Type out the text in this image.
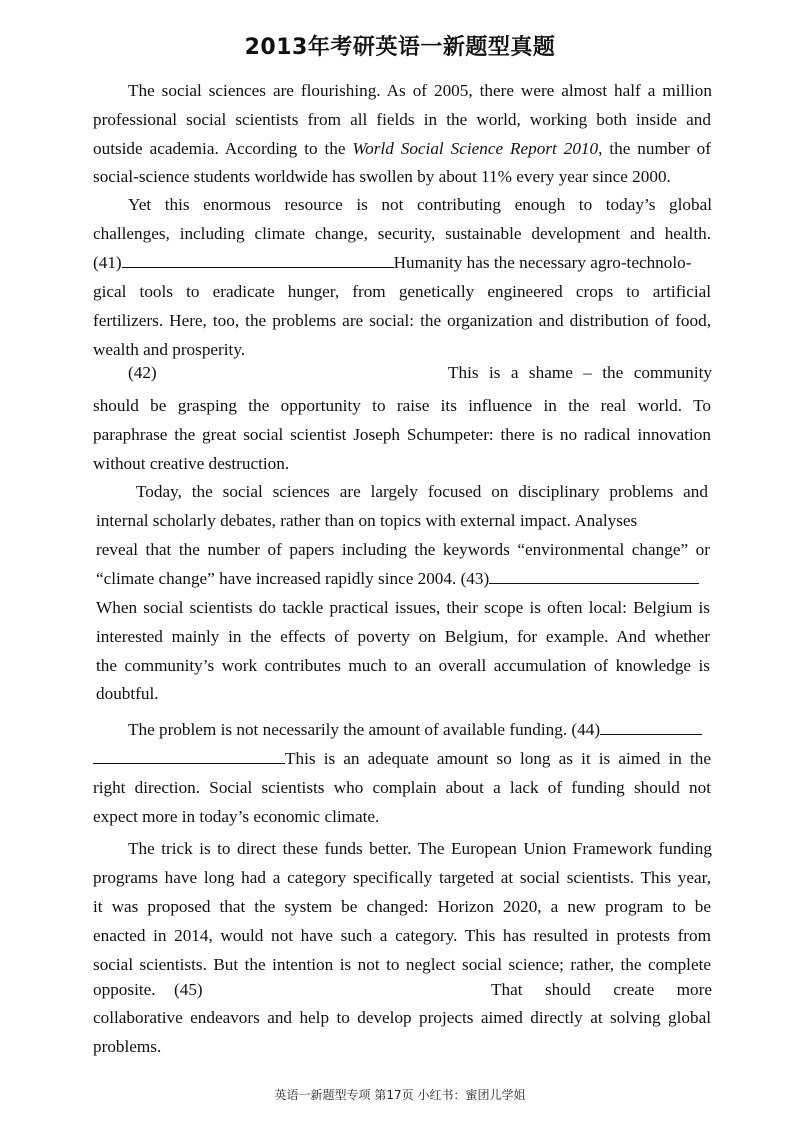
2013年考研英语一新题型真题
The social sciences are flourishing. As of 2005, there were almost half a million
professional social scientists from all fields in the world, working both inside and
outside academia. According to the World Social Science Report 2010, the number of
social-science students worldwide has swollen by about 11% every year since 2000.
Yet this enormous resource is not contributing enough to today’s global
challenges, including climate change, security, sustainable development and health.
(41)	Humanity has the necessary agro-technolo-
gical tools to eradicate hunger, from genetically engineered crops to artificial
fertilizers. Here, too, the problems are social: the organization and distribution of food,
wealth and prosperity.
(42)	This is a shame – the community
should be grasping the opportunity to raise its influence in the real world. To
paraphrase the great social scientist Joseph Schumpeter: there is no radical innovation
without creative destruction.
Today, the social sciences are largely focused on disciplinary problems and
internal scholarly debates, rather than on topics with external impact. Analyses
reveal that the number of papers including the keywords “environmental change” or
“climate change” have increased rapidly since 2004. (43)
When social scientists do tackle practical issues, their scope is often local: Belgium is
interested mainly in the effects of poverty on Belgium, for example. And whether
the community’s work contributes much to an overall accumulation of knowledge is
doubtful.
The problem is not necessarily the amount of available funding. (44)
This is an adequate amount so long as it is aimed in the
right direction. Social scientists who complain about a lack of funding should not
expect more in today’s economic climate.
The trick is to direct these funds better. The European Union Framework funding
programs have long had a category specifically targeted at social scientists. This year,
it was proposed that the system be changed: Horizon 2020, a new program to be
enacted in 2014, would not have such a category. This has resulted in protests from
social scientists. But the intention is not to neglect social science; rather, the complete
opposite.	(45)	That should create more
collaborative endeavors and help to develop projects aimed directly at solving global
problems.
英语一新题型专项 第17页 小红书：蜜团儿学姐
